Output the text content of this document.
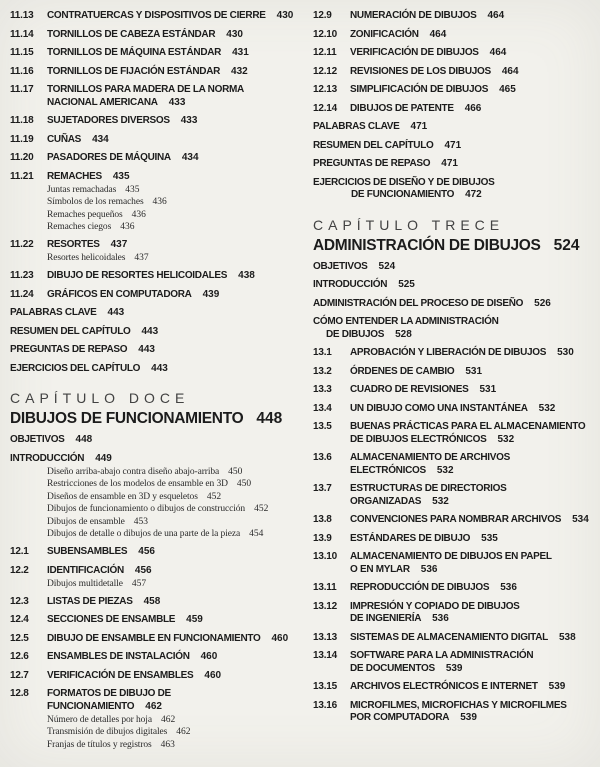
11.13	CONTRATUERCAS Y DISPOSITIVOS DE CIERRE 430
11.14	TORNILLOS DE CABEZA ESTÁNDAR 430
11.15	TORNILLOS DE MÁQUINA ESTÁNDAR 431
11.16	TORNILLOS DE FIJACIÓN ESTÁNDAR 432
11.17	TORNILLOS PARA MADERA DE LA NORMA
NACIONAL AMERICANA 433
11.18	SUJETADORES DIVERSOS 433
11.19	CUÑAS 434
11.20	PASADORES DE MÁQUINA 434
11.21	REMACHES 435
Juntas remachadas 435
Símbolos de los remaches 436
Remaches pequeños 436
Remaches ciegos 436
11.22	RESORTES 437
Resortes helicoidales 437
11.23	DIBUJO DE RESORTES HELICOIDALES 438
11.24	GRÁFICOS EN COMPUTADORA 439
PALABRAS CLAVE 443
RESUMEN DEL CAPÍTULO 443
PREGUNTAS DE REPASO 443
EJERCICIOS DEL CAPÍTULO 443
CAPÍTULO DOCE
DIBUJOS DE FUNCIONAMIENTO 448
OBJETIVOS 448
INTRODUCCIÓN 449
Diseño arriba-abajo contra diseño abajo-arriba 450
Restricciones de los modelos de ensamble en 3D 450
Diseños de ensamble en 3D y esqueletos 452
Dibujos de funcionamiento o dibujos de construcción 452
Dibujos de ensamble 453
Dibujos de detalle o dibujos de una parte de la pieza 454
12.1	SUBENSAMBLES 456
12.2	IDENTIFICACIÓN 456
Dibujos multidetalle 457
12.3	LISTAS DE PIEZAS 458
12.4	SECCIONES DE ENSAMBLE 459
12.5	DIBUJO DE ENSAMBLE EN FUNCIONAMIENTO 460
12.6	ENSAMBLES DE INSTALACIÓN 460
12.7	VERIFICACIÓN DE ENSAMBLES 460
12.8	FORMATOS DE DIBUJO DE
FUNCIONAMIENTO 462
Número de detalles por hoja 462
Transmisión de dibujos digitales 462
Franjas de títulos y registros 463
12.9	NUMERACIÓN DE DIBUJOS 464
12.10	ZONIFICACIÓN 464
12.11	VERIFICACIÓN DE DIBUJOS 464
12.12	REVISIONES DE LOS DIBUJOS 464
12.13	SIMPLIFICACIÓN DE DIBUJOS 465
12.14	DIBUJOS DE PATENTE 466
PALABRAS CLAVE 471
RESUMEN DEL CAPÍTULO 471
PREGUNTAS DE REPASO 471
EJERCICIOS DE DISEÑO Y DE DIBUJOS
DE FUNCIONAMIENTO 472
CAPÍTULO TRECE
ADMINISTRACIÓN DE DIBUJOS 524
OBJETIVOS 524
INTRODUCCIÓN 525
ADMINISTRACIÓN DEL PROCESO DE DISEÑO 526
CÓMO ENTENDER LA ADMINISTRACIÓN
DE DIBUJOS 528
13.1	APROBACIÓN Y LIBERACIÓN DE DIBUJOS 530
13.2	ÓRDENES DE CAMBIO 531
13.3	CUADRO DE REVISIONES 531
13.4	UN DIBUJO COMO UNA INSTANTÁNEA 532
13.5	BUENAS PRÁCTICAS PARA EL ALMACENAMIENTO
DE DIBUJOS ELECTRÓNICOS 532
13.6	ALMACENAMIENTO DE ARCHIVOS
ELECTRÓNICOS 532
13.7	ESTRUCTURAS DE DIRECTORIOS
ORGANIZADAS 532
13.8	CONVENCIONES PARA NOMBRAR ARCHIVOS 534
13.9	ESTÁNDARES DE DIBUJO 535
13.10	ALMACENAMIENTO DE DIBUJOS EN PAPEL
O EN MYLAR 536
13.11	REPRODUCCIÓN DE DIBUJOS 536
13.12	IMPRESIÓN Y COPIADO DE DIBUJOS
DE INGENIERÍA 536
13.13	SISTEMAS DE ALMACENAMIENTO DIGITAL 538
13.14	SOFTWARE PARA LA ADMINISTRACIÓN
DE DOCUMENTOS 539
13.15	ARCHIVOS ELECTRÓNICOS E INTERNET 539
13.16	MICROFILMES, MICROFICHAS Y MICROFILMES
POR COMPUTADORA 539
